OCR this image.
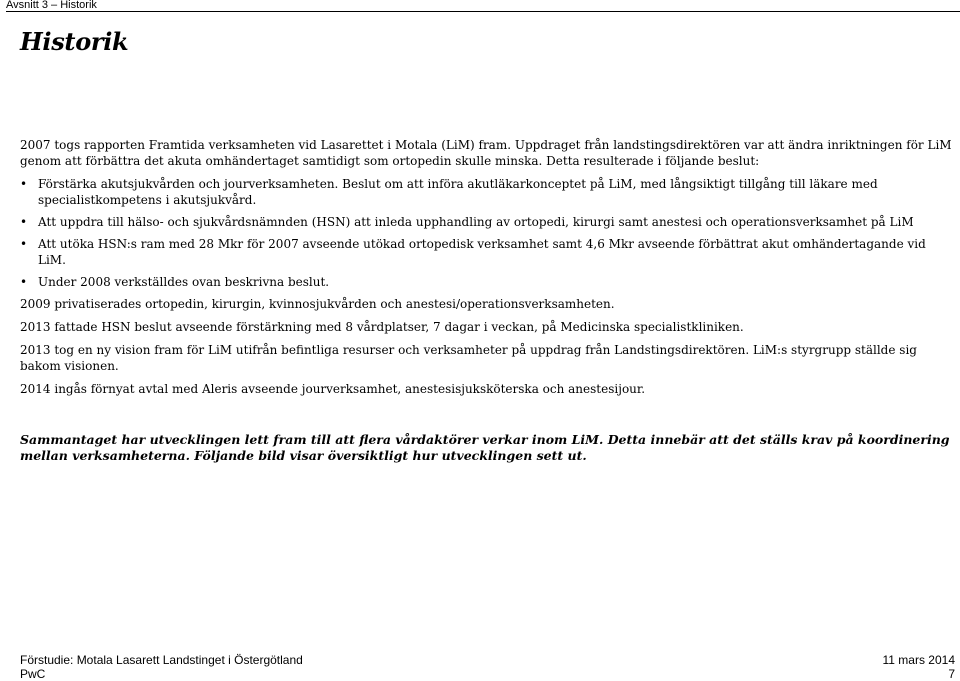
Avsnitt 3 – Historik
Historik

2007 togs rapporten Framtida verksamheten vid Lasarettet i Motala (LiM) fram. Uppdraget från landstingsdirektören var att ändra inriktningen för LiM genom att förbättra det akuta omhändertaget samtidigt som ortopedin skulle minska. Detta resulterade i följande beslut:

• Förstärka akutsjukvården och jourverksamheten. Beslut om att införa akutläkarkonceptet på LiM, med långsiktigt tillgång till läkare med specialistkompetens i akutsjukvård.
• Att uppdra till hälso- och sjukvårdsnämnden (HSN) att inleda upphandling av ortopedi, kirurgi samt anestesi och operationsverksamhet på LiM
• Att utöka HSN:s ram med 28 Mkr för 2007 avseende utökad ortopedisk verksamhet samt 4,6 Mkr avseende förbättrat akut omhändertagande vid LiM.
• Under 2008 verkställdes ovan beskrivna beslut.

2009 privatiserades ortopedin, kirurgin, kvinnosjukvården och anestesi/operationsverksamheten.

2013 fattade HSN beslut avseende förstärkning med 8 vårdplatser, 7 dagar i veckan, på Medicinska specialistkliniken.

2013 tog en ny vision fram för LiM utifrån befintliga resurser och verksamheter på uppdrag från Landstingsdirektören. LiM:s styrgrupp ställde sig bakom visionen.

2014 ingås förnyat avtal med Aleris avseende jourverksamhet, anestesisjuksköterska och anestesijour.

Sammantaget har utvecklingen lett fram till att flera vårdaktörer verkar inom LiM. Detta innebär att det ställs krav på koordinering mellan verksamheterna. Följande bild visar översiktligt hur utvecklingen sett ut.

Förstudie: Motala Lasarett Landstinget i Östergötland	11 mars 2014
PwC	7
